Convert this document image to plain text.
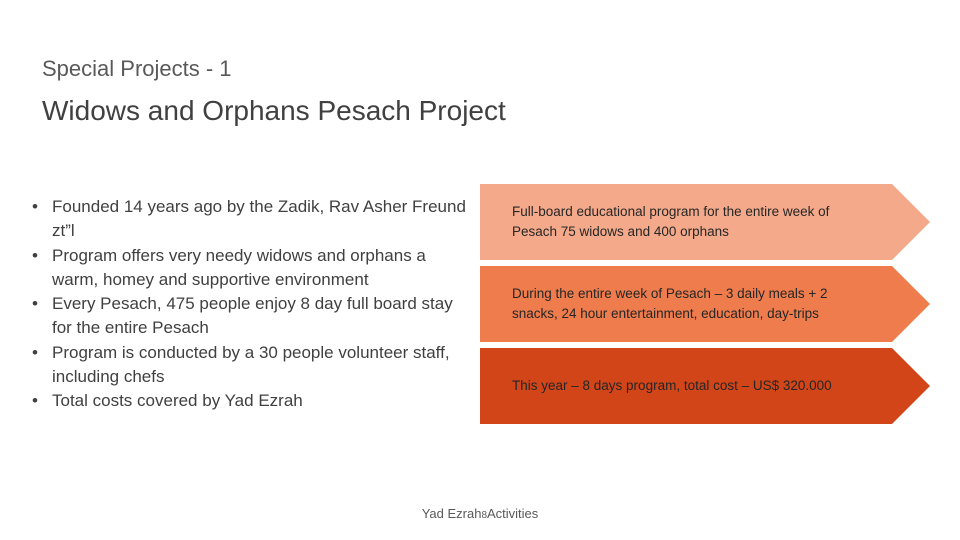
Special Projects - 1
Widows and Orphans Pesach Project
• Founded 14 years ago by the Zadik, Rav Asher Freund zt”l
• Program offers very needy widows and orphans a warm, homey and supportive environment
• Every Pesach, 475 people enjoy 8 day full board stay for the entire Pesach
• Program is conducted by a 30 people volunteer staff, including chefs
• Total costs covered by Yad Ezrah
Full-board educational program for the entire week of Pesach 75 widows and 400 orphans
During the entire week of Pesach – 3 daily meals + 2 snacks, 24 hour entertainment, education, day-trips
This year – 8 days program, total cost – US$ 320.000
Yad Ezrah8Activities
